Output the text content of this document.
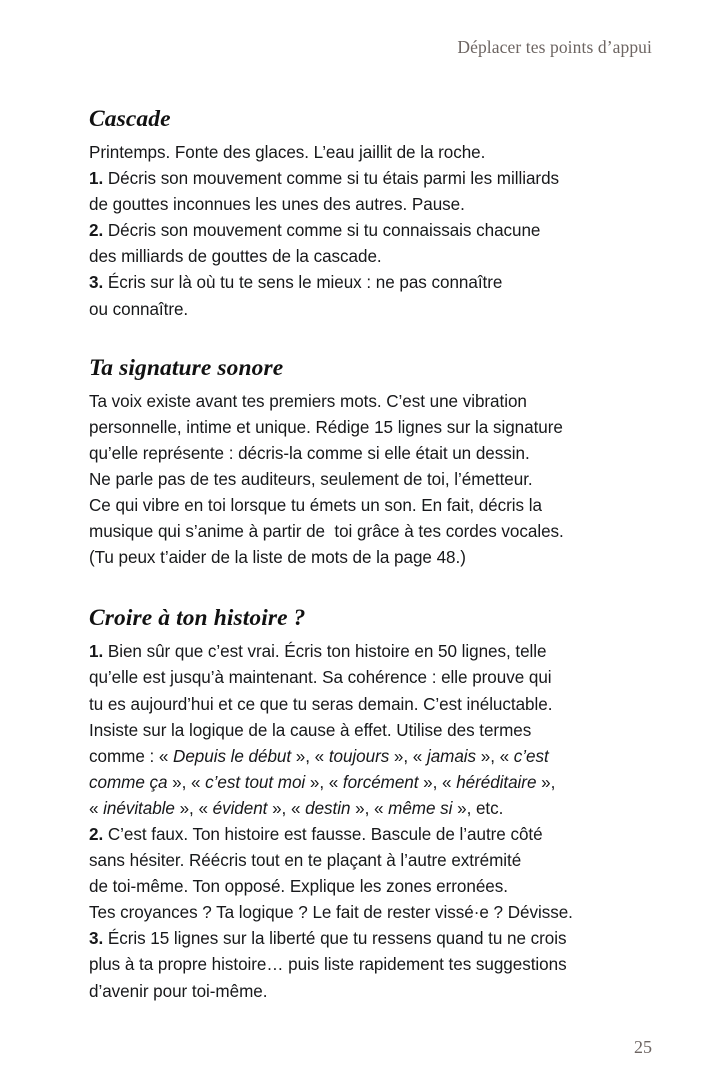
Déplacer tes points d’appui
Cascade

Printemps. Fonte des glaces. L’eau jaillit de la roche.
1. Décris son mouvement comme si tu étais parmi les milliards
de gouttes inconnues les unes des autres. Pause.
2. Décris son mouvement comme si tu connaissais chacune
des milliards de gouttes de la cascade.
3. Écris sur là où tu te sens le mieux : ne pas connaître
ou connaître.

Ta signature sonore

Ta voix existe avant tes premiers mots. C’est une vibration
personnelle, intime et unique. Rédige 15 lignes sur la signature
qu’elle représente : décris-la comme si elle était un dessin.
Ne parle pas de tes auditeurs, seulement de toi, l’émetteur.
Ce qui vibre en toi lorsque tu émets un son. En fait, décris la
musique qui s’anime à partir de  toi grâce à tes cordes vocales.
(Tu peux t’aider de la liste de mots de la page 48.)

Croire à ton histoire ?

1. Bien sûr que c’est vrai. Écris ton histoire en 50 lignes, telle
qu’elle est jusqu’à maintenant. Sa cohérence : elle prouve qui
tu es aujourd’hui et ce que tu seras demain. C’est inéluctable.
Insiste sur la logique de la cause à effet. Utilise des termes
comme : « Depuis le début », « toujours », « jamais », « c’est
comme ça », « c’est tout moi », « forcément », « héréditaire »,
« inévitable », « évident », « destin », « même si », etc.
2. C’est faux. Ton histoire est fausse. Bascule de l’autre côté
sans hésiter. Réécris tout en te plaçant à l’autre extrémité
de toi-même. Ton opposé. Explique les zones erronées.
Tes croyances ? Ta logique ? Le fait de rester vissé·e ? Dévisse.
3. Écris 15 lignes sur la liberté que tu ressens quand tu ne crois
plus à ta propre histoire… puis liste rapidement tes suggestions
d’avenir pour toi-même.

25
